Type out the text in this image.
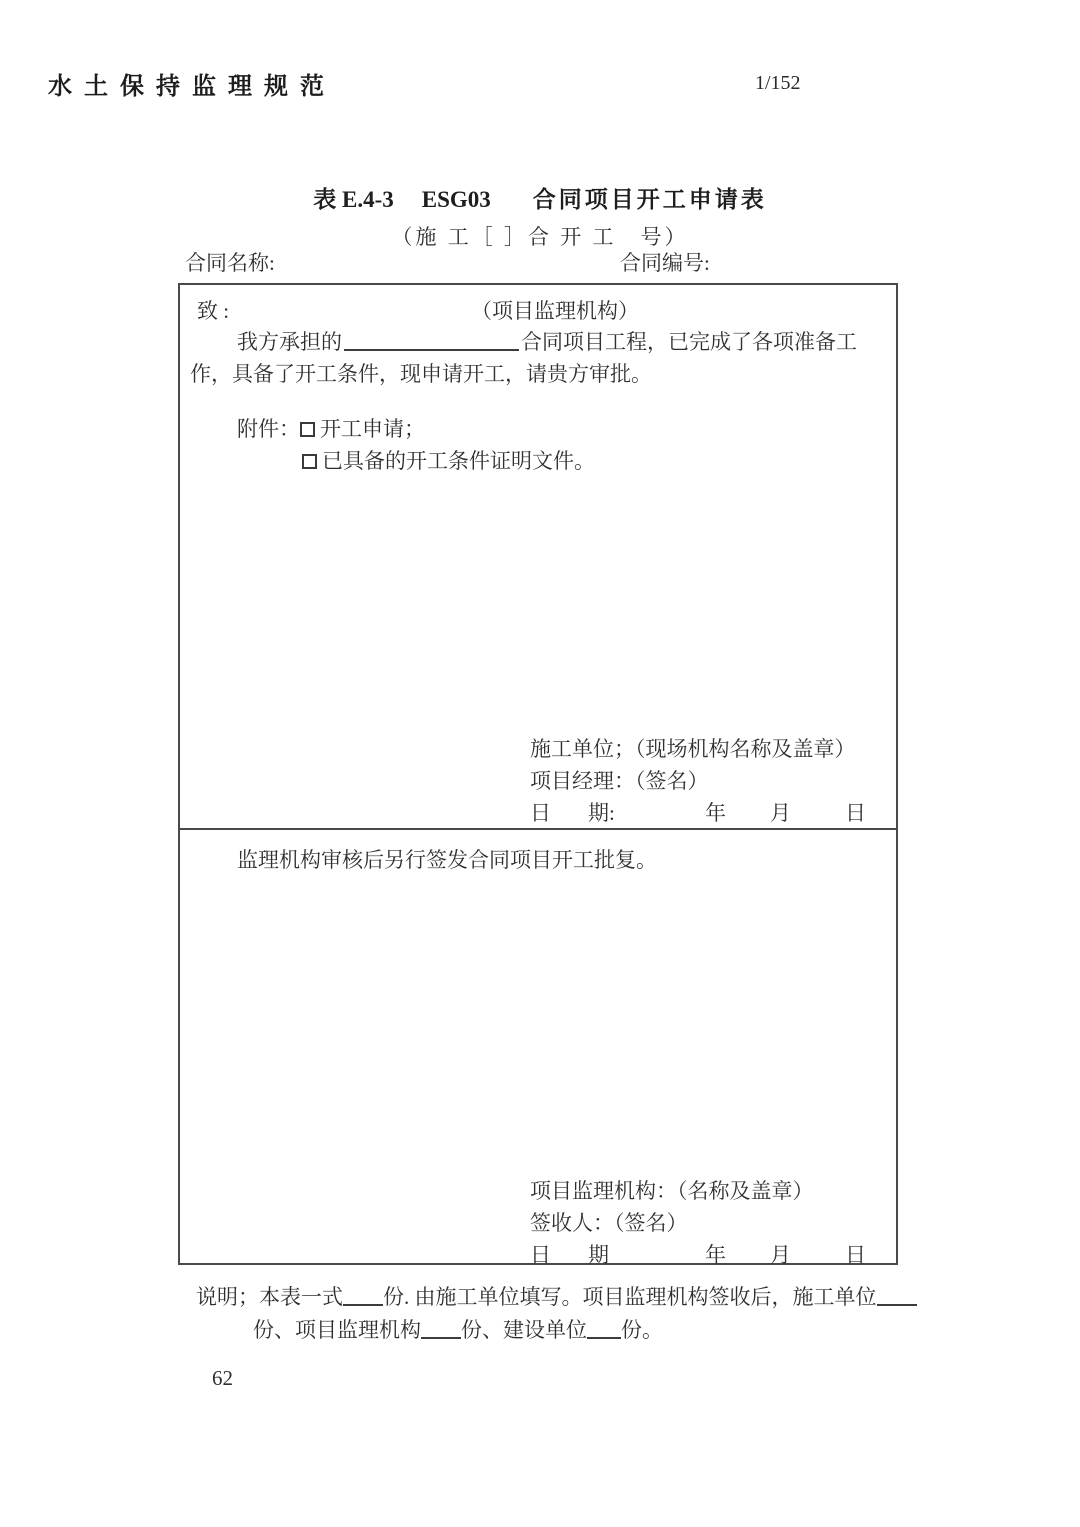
水土保持监理规范	1/152
表 E.4-3 ESG03 合同项目开工申请表
（施 工［ ］合 开 工　号）
合同名称:	合同编号:
致 :	（项目监理机构）
我方承担的	合同项目工程，已完成了各项准备工
作，具备了开工条件，现申请开工，请贵方审批。
附件： 开工申请；
已具备的开工条件证明文件。
施工单位；（现场机构名称及盖章）
项目经理：（签名）
日 期:	年 月	日
监理机构审核后另行签发合同项目开工批复。
项目监理机构：（名称及盖章）
签收人：（签名）
日 期	年 月	日
说明；本表一式 份. 由施工单位填写。项目监理机构签收后，施工单位
份、项目监理机构 份、建设单位 份。
62
